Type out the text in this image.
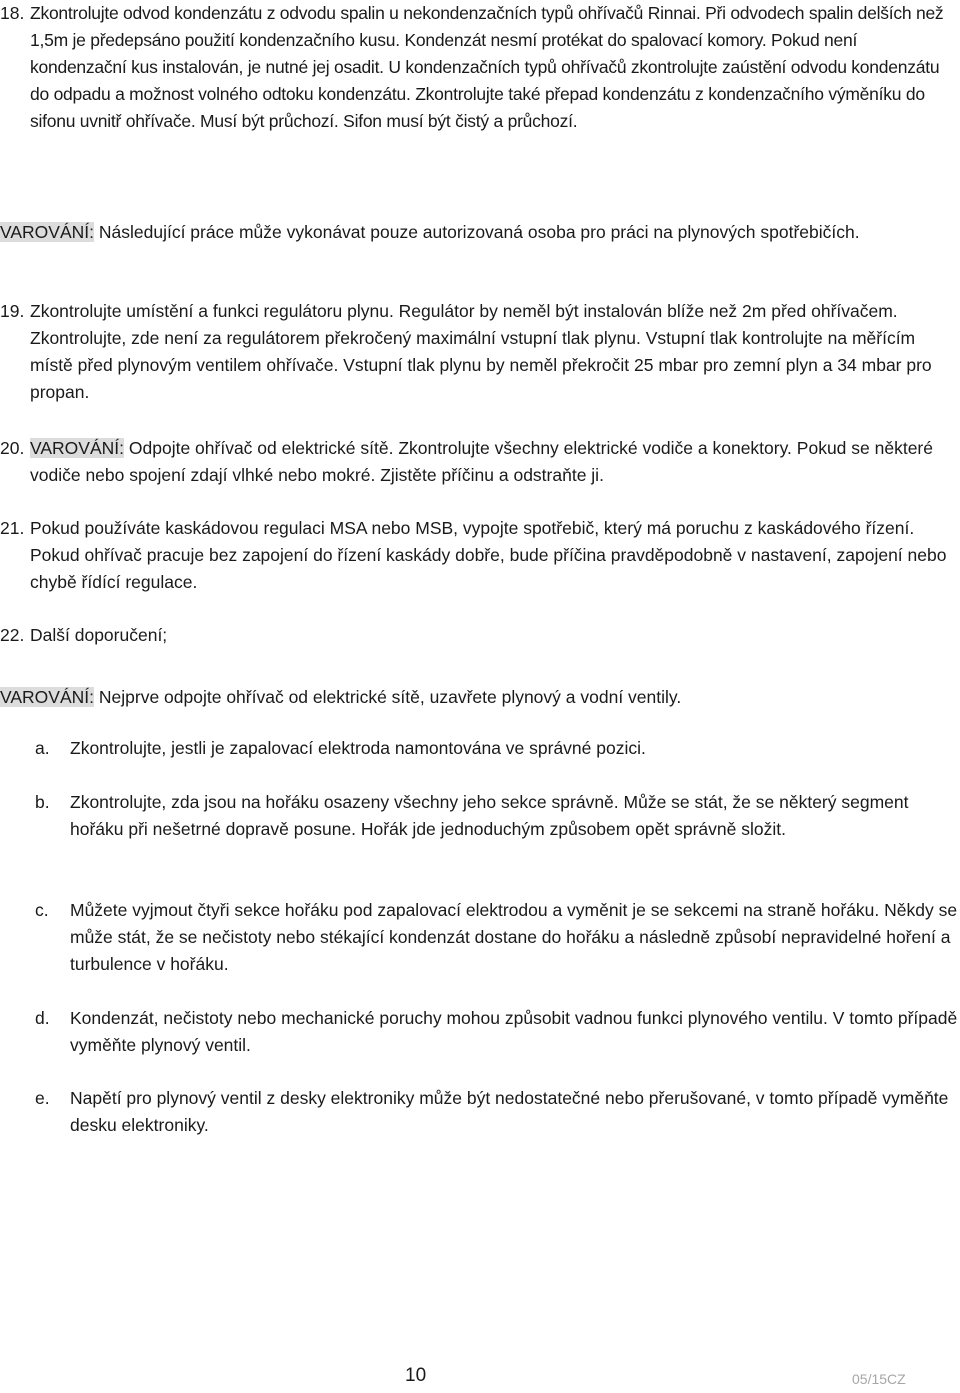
18. Zkontrolujte odvod kondenzátu z odvodu spalin u nekondenzačních typů ohřívačů Rinnai. Při odvodech spalin delších než 1,5m je předepsáno použití kondenzačního kusu. Kondenzát nesmí protékat do spalovací komory. Pokud není kondenzační kus instalován, je nutné jej osadit. U kondenzačních typů ohřívačů zkontrolujte zaústění odvodu kondenzátu do odpadu a možnost volného odtoku kondenzátu. Zkontrolujte také přepad kondenzátu z kondenzačního výměníku do sifonu uvnitř ohřívače. Musí být průchozí. Sifon musí být čistý a průchozí.
VAROVÁNÍ: Následující práce může vykonávat pouze autorizovaná osoba pro práci na plynových spotřebičích.
19. Zkontrolujte umístění a funkci regulátoru plynu. Regulátor by neměl být instalován blíže než 2m před ohřívačem. Zkontrolujte, zde není za regulátorem překročený maximální vstupní tlak plynu. Vstupní tlak kontrolujte na měřícím místě před plynovým ventilem ohřívače. Vstupní tlak plynu by neměl překročit 25 mbar pro zemní plyn a 34 mbar pro propan.
20. VAROVÁNÍ: Odpojte ohřívač od elektrické sítě. Zkontrolujte všechny elektrické vodiče a konektory. Pokud se některé vodiče nebo spojení zdají vlhké nebo mokré. Zjistěte příčinu a odstraňte ji.
21. Pokud používáte kaskádovou regulaci MSA nebo MSB, vypojte spotřebič, který má poruchu z kaskádového řízení. Pokud ohřívač pracuje bez zapojení do řízení kaskády dobře, bude příčina pravděpodobně v nastavení, zapojení nebo chybě řídící regulace.
22. Další doporučení;
VAROVÁNÍ: Nejprve odpojte ohřívač od elektrické sítě, uzavřete plynový a vodní ventily.
a.	Zkontrolujte, jestli je zapalovací elektroda namontována ve správné pozici.
b.	Zkontrolujte, zda jsou na hořáku osazeny všechny jeho sekce správně. Může se stát, že se některý segment hořáku při nešetrné dopravě posune. Hořák jde jednoduchým způsobem opět správně složit.
c.	Můžete vyjmout čtyři sekce hořáku pod zapalovací elektrodou a vyměnit je se sekcemi na straně hořáku. Někdy se může stát, že se nečistoty nebo stékající kondenzát dostane do hořáku a následně způsobí nepravidelné hoření a turbulence v hořáku.
d.	Kondenzát, nečistoty nebo mechanické poruchy mohou způsobit vadnou funkci plynového ventilu. V tomto případě vyměňte plynový ventil.
e.	Napětí pro plynový ventil z desky elektroniky může být nedostatečné nebo přerušované, v tomto případě vyměňte desku elektroniky.
10	05/15CZ
